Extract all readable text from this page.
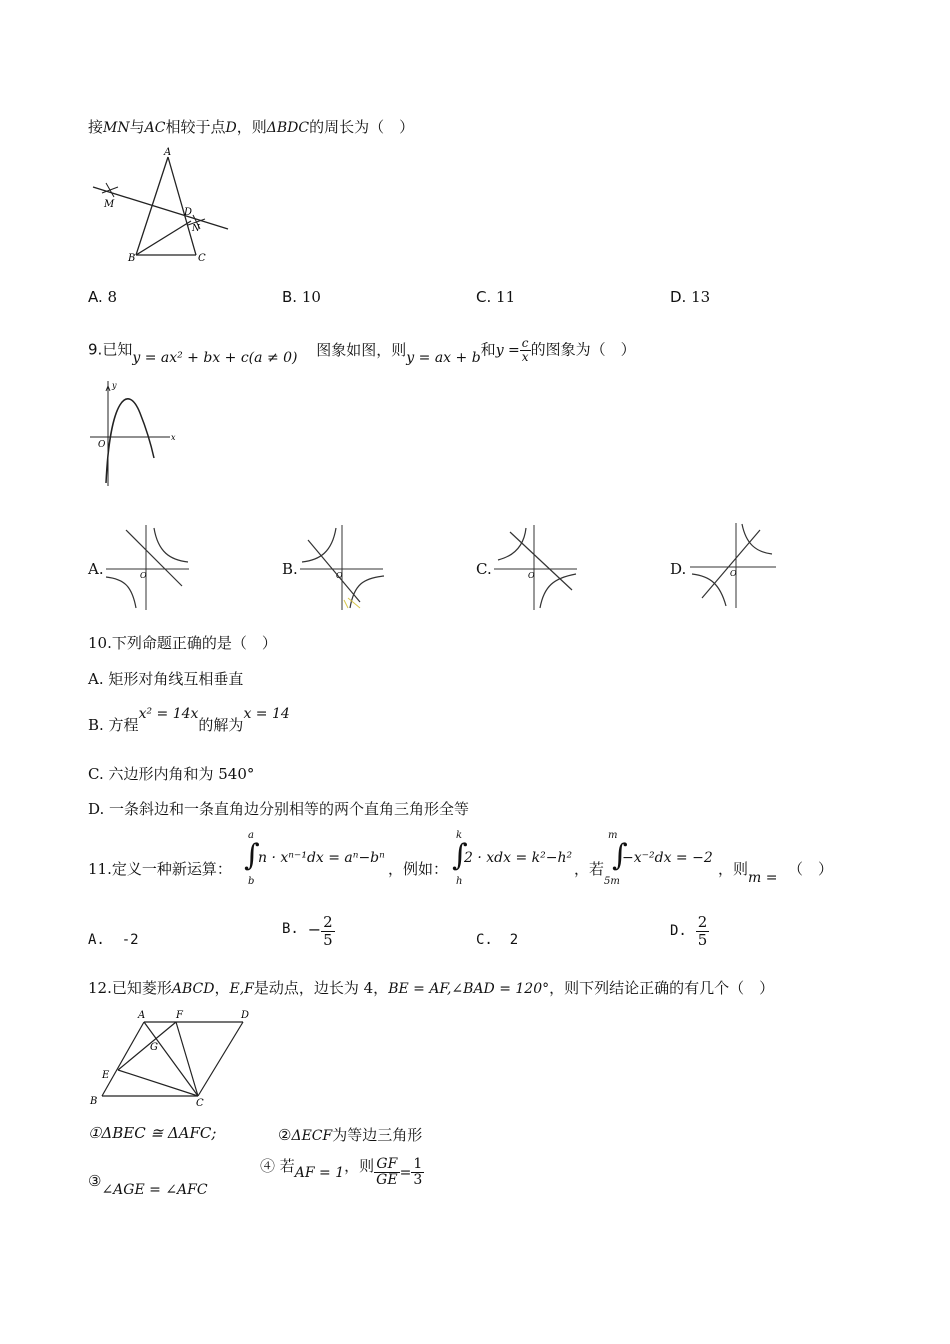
接MN与AC相较于点D，则ΔBDC的周长为（　）
A
B	C
D
M
N
A. 8	B. 10	C. 11	D. 13
9.已知y = ax² + bx + c(a ≠ 0) 图象如图，则y = ax + b和$y = \frac{c}{x}$ 的图象为（　）
O
x
y
A.	O	B.	O	C.	O	D.	O
10.下列命题正确的是（　）
A. 矩形对角线互相垂直
B. 方程x² = 14x的解为x = 14
C. 六边形内角和为 540°
D. 一条斜边和一条直角边分别相等的两个直角三角形全等
11.定义一种新运算：
a
∫
b
n · xⁿ⁻¹dx = aⁿ−bⁿ
，例如：
k
∫
h
2 · xdx = k²−h²
，若
m
∫
5m
−x⁻²dx = −2
，则 m = （　）
A. -2
B. − $\frac{2}{5}$	C. 2
D. $\frac{2}{5}$
12.已知菱形ABCD，E,F是动点，边长为 4，BE = AF,∠BAD = 120°，则下列结论正确的有几个（　）
A	F	D
G
E
B	C
①ΔBEC ≅ ΔAFC;	②ΔECF为等边三角形
③∠AGE = ∠AFC
④ 若AF = 1，则 $\frac{GF}{GE} = \frac{1}{3}$
